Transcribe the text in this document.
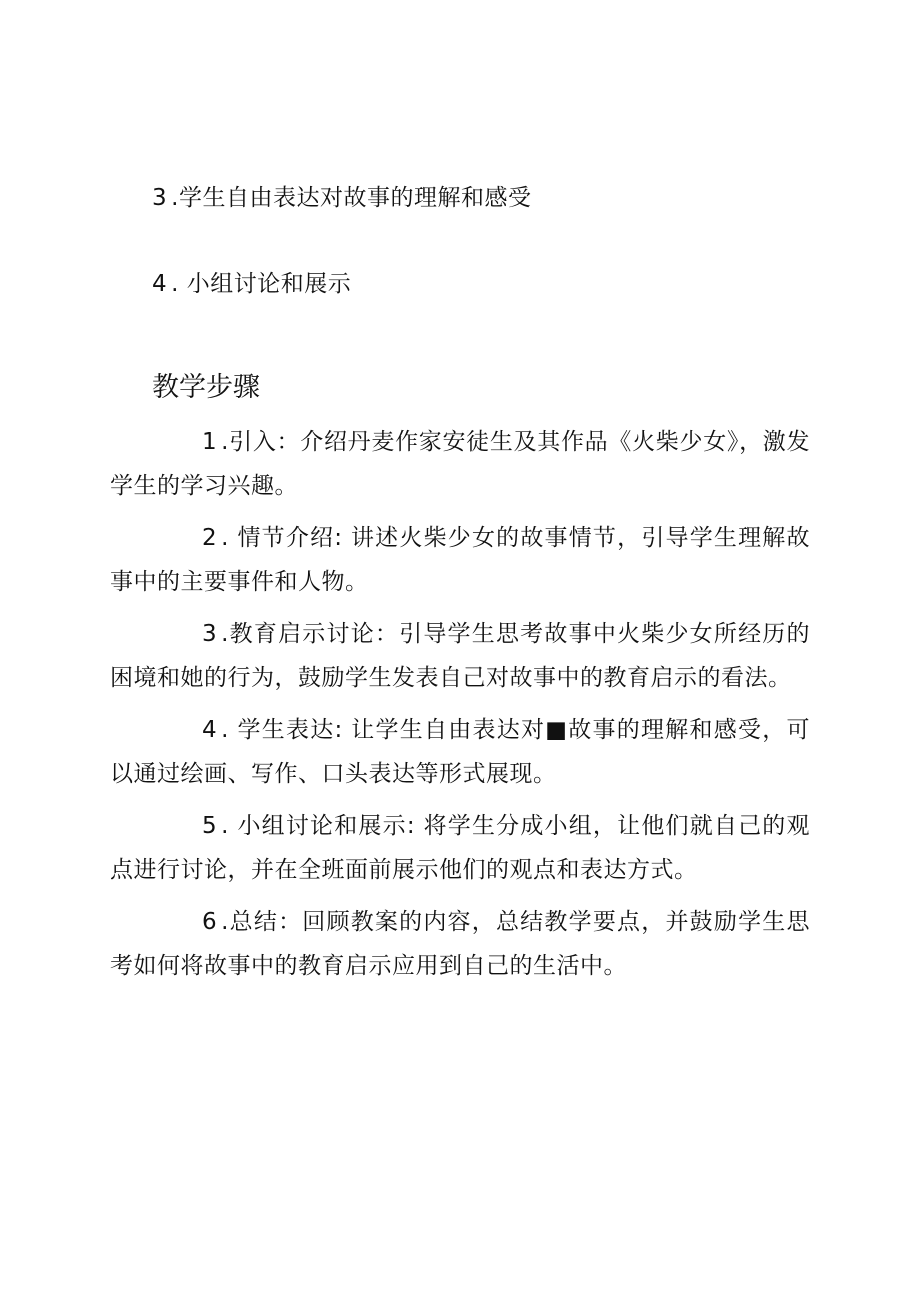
3 .学生自由表达对故事的理解和感受

4 . 小组讨论和展示

教学步骤

1 .引入：介绍丹麦作家安徒生及其作品《火柴少女》，激发学生的学习兴趣。

2 . 情节介绍: 讲述火柴少女的故事情节，引导学生理解故事中的主要事件和人物。

3 .教育启示讨论：引导学生思考故事中火柴少女所经历的困境和她的行为，鼓励学生发表自己对故事中的教育启示的看法。

4 . 学生表达: 让学生自由表达对■故事的理解和感受，可以通过绘画、写作、口头表达等形式展现。

5 . 小组讨论和展示: 将学生分成小组，让他们就自己的观点进行讨论，并在全班面前展示他们的观点和表达方式。

6 .总结：回顾教案的内容，总结教学要点，并鼓励学生思考如何将故事中的教育启示应用到自己的生活中。
